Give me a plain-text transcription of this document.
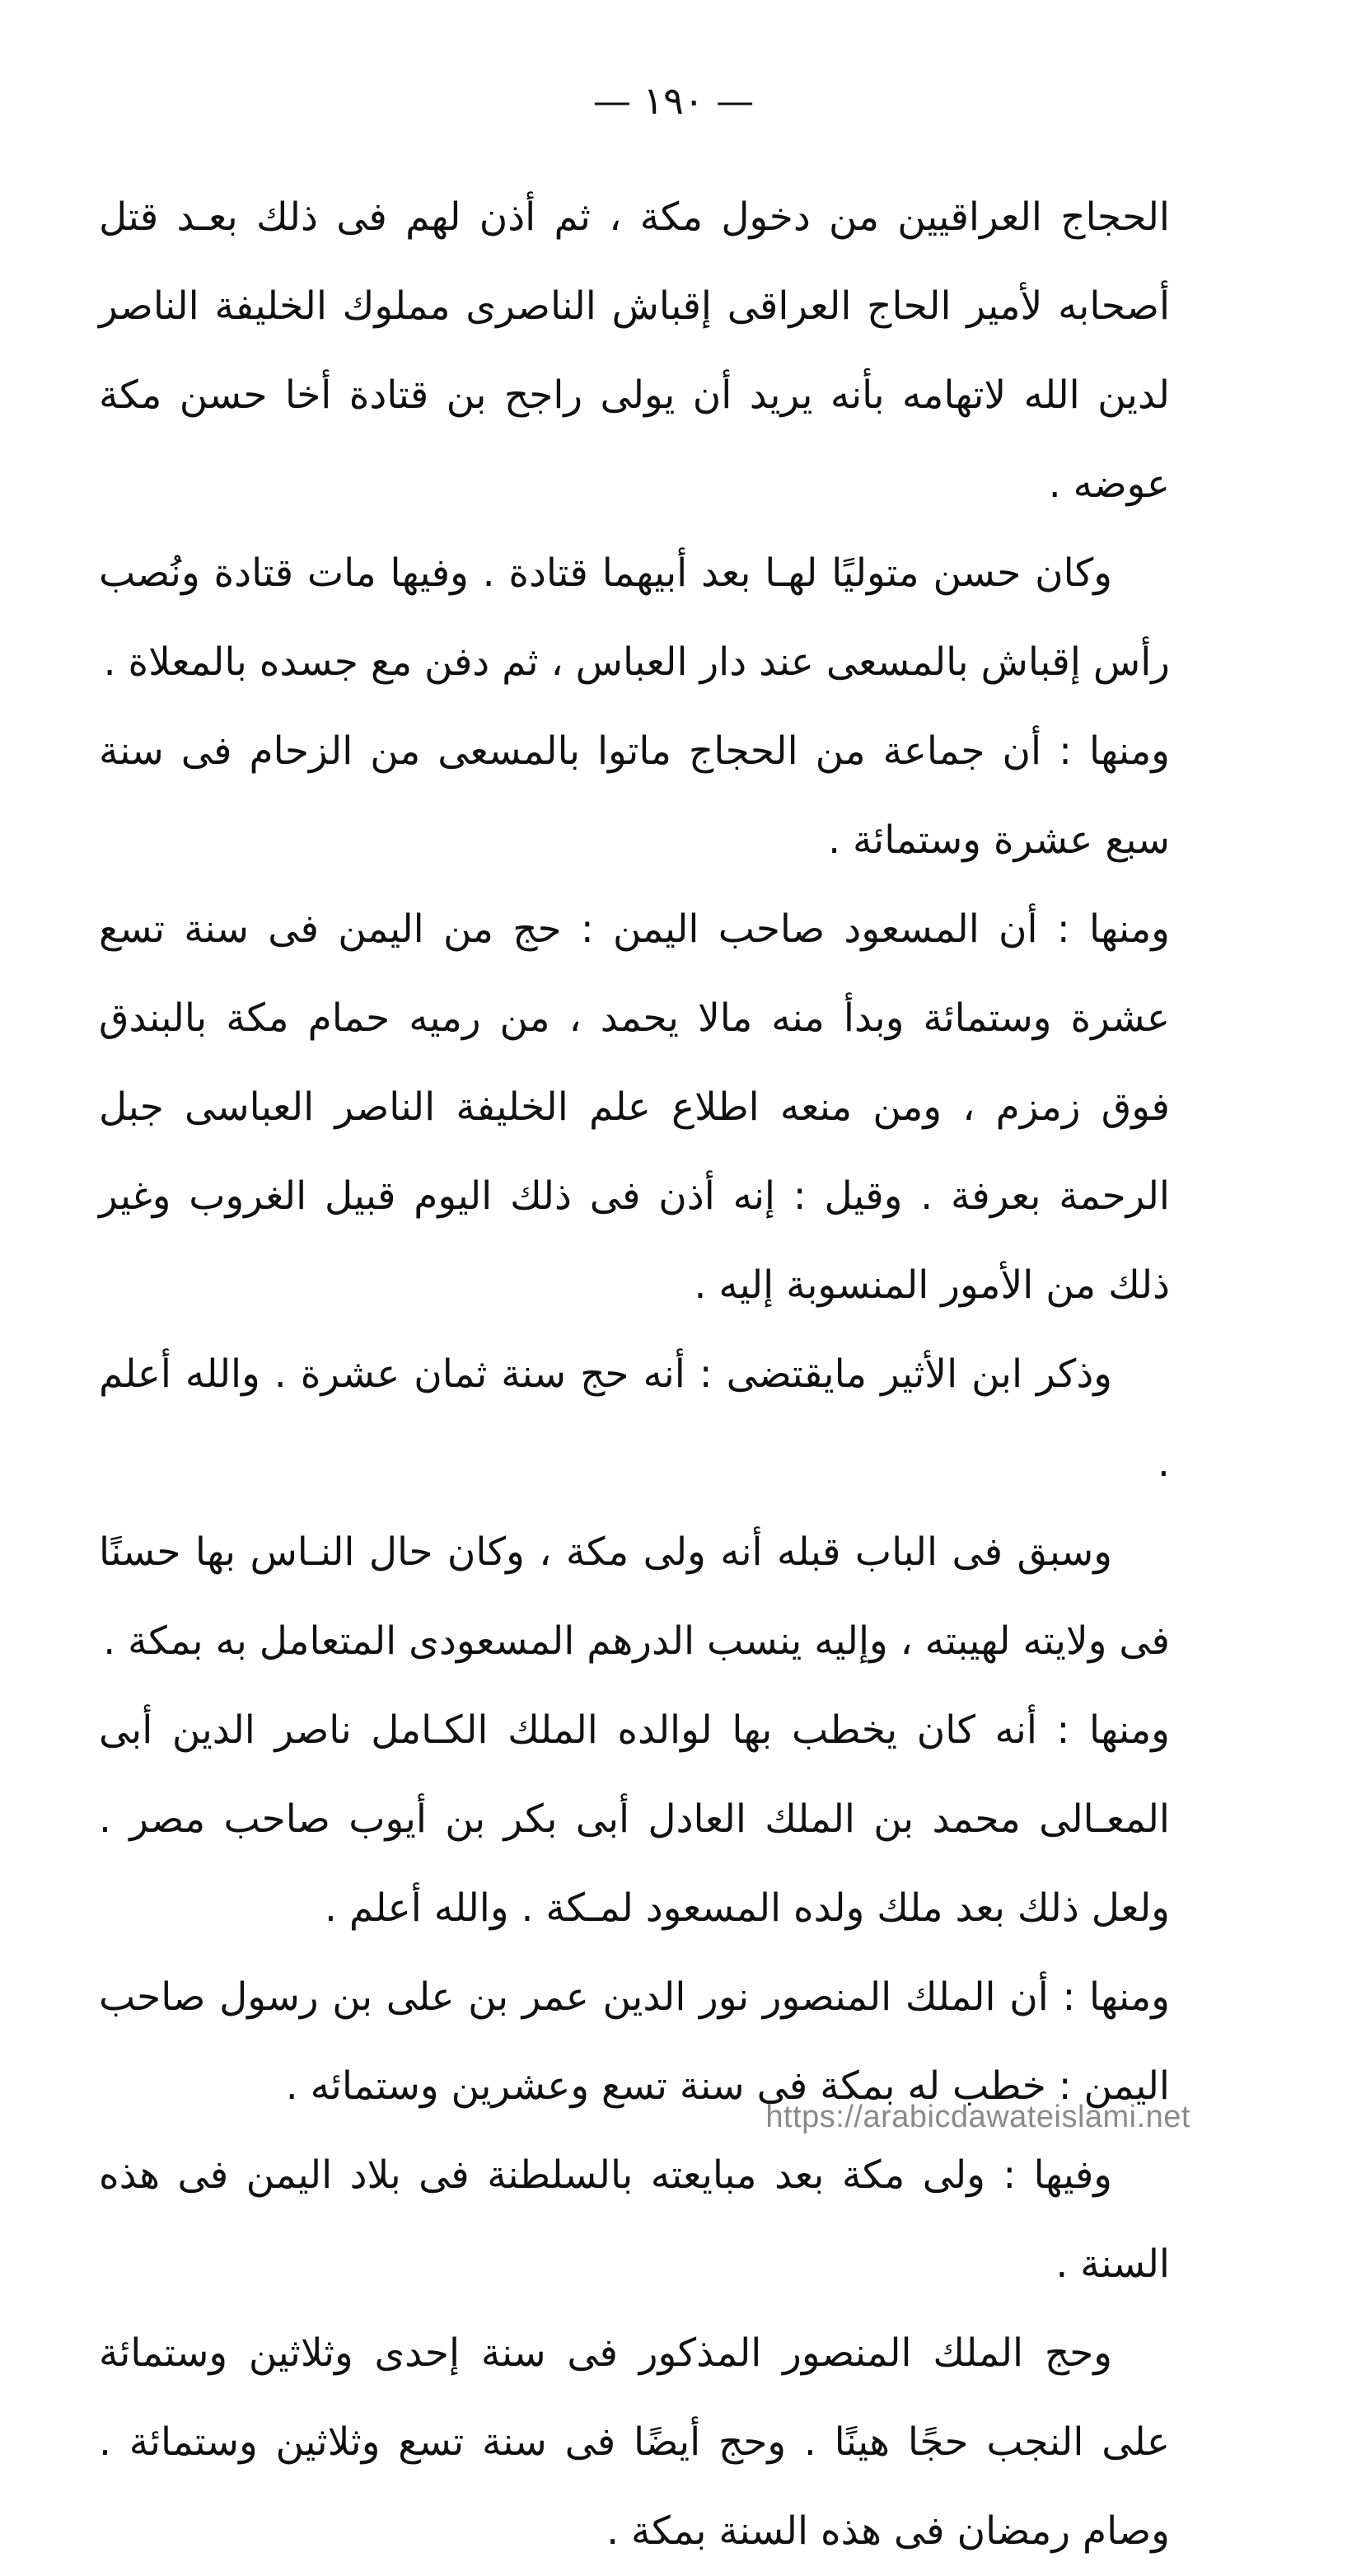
— ١٩٠ —

الحجاج العراقيين من دخول مكة ، ثم أذن لهم فى ذلك بعـد قتل أصحابه لأمير الحاج العراقى إقباش الناصرى مملوك الخليفة الناصر لدين الله لاتهامه بأنه يريد أن يولى راجح بن قتادة أخا حسن مكة عوضه .

وكان حسن متوليًا لهـا بعد أبيهما قتادة . وفيها مات قتادة ونُصب رأس إقباش بالمسعى عند دار العباس ، ثم دفن مع جسده بالمعلاة .

ومنها : أن جماعة من الحجاج ماتوا بالمسعى من الزحام فى سنة سبع عشرة وستمائة .

ومنها : أن المسعود صاحب اليمن : حج من اليمن فى سنة تسع عشرة وستمائة وبدأ منه مالا يحمد ، من رميه حمام مكة بالبندق فوق زمزم ، ومن منعه اطلاع علم الخليفة الناصر العباسى جبل الرحمة بعرفة . وقيل : إنه أذن فى ذلك اليوم قبيل الغروب وغير ذلك من الأمور المنسوبة إليه .

وذكر ابن الأثير مايقتضى : أنه حج سنة ثمان عشرة . والله أعلم .

وسبق فى الباب قبله أنه ولى مكة ، وكان حال النـاس بها حسنًا فى ولايته لهيبته ، وإليه ينسب الدرهم المسعودى المتعامل به بمكة .

ومنها : أنه كان يخطب بها لوالده الملك الكـامل ناصر الدين أبى المعـالى محمد بن الملك العادل أبى بكر بن أيوب صاحب مصر . ولعل ذلك بعد ملك ولده المسعود لمـكة . والله أعلم .

ومنها : أن الملك المنصور نور الدين عمر بن على بن رسول صاحب اليمن : خطب له بمكة فى سنة تسع وعشرين وستمائه .

وفيها : ولى مكة بعد مبايعته بالسلطنة فى بلاد اليمن فى هذه السنة .

وحج الملك المنصور المذكور فى سنة إحدى وثلاثين وستمائة على النجب حجًا هينًا . وحج أيضًا فى سنة تسع وثلاثين وستمائة . وصام رمضان فى هذه السنة بمكة .

https://arabicdawateislami.net
